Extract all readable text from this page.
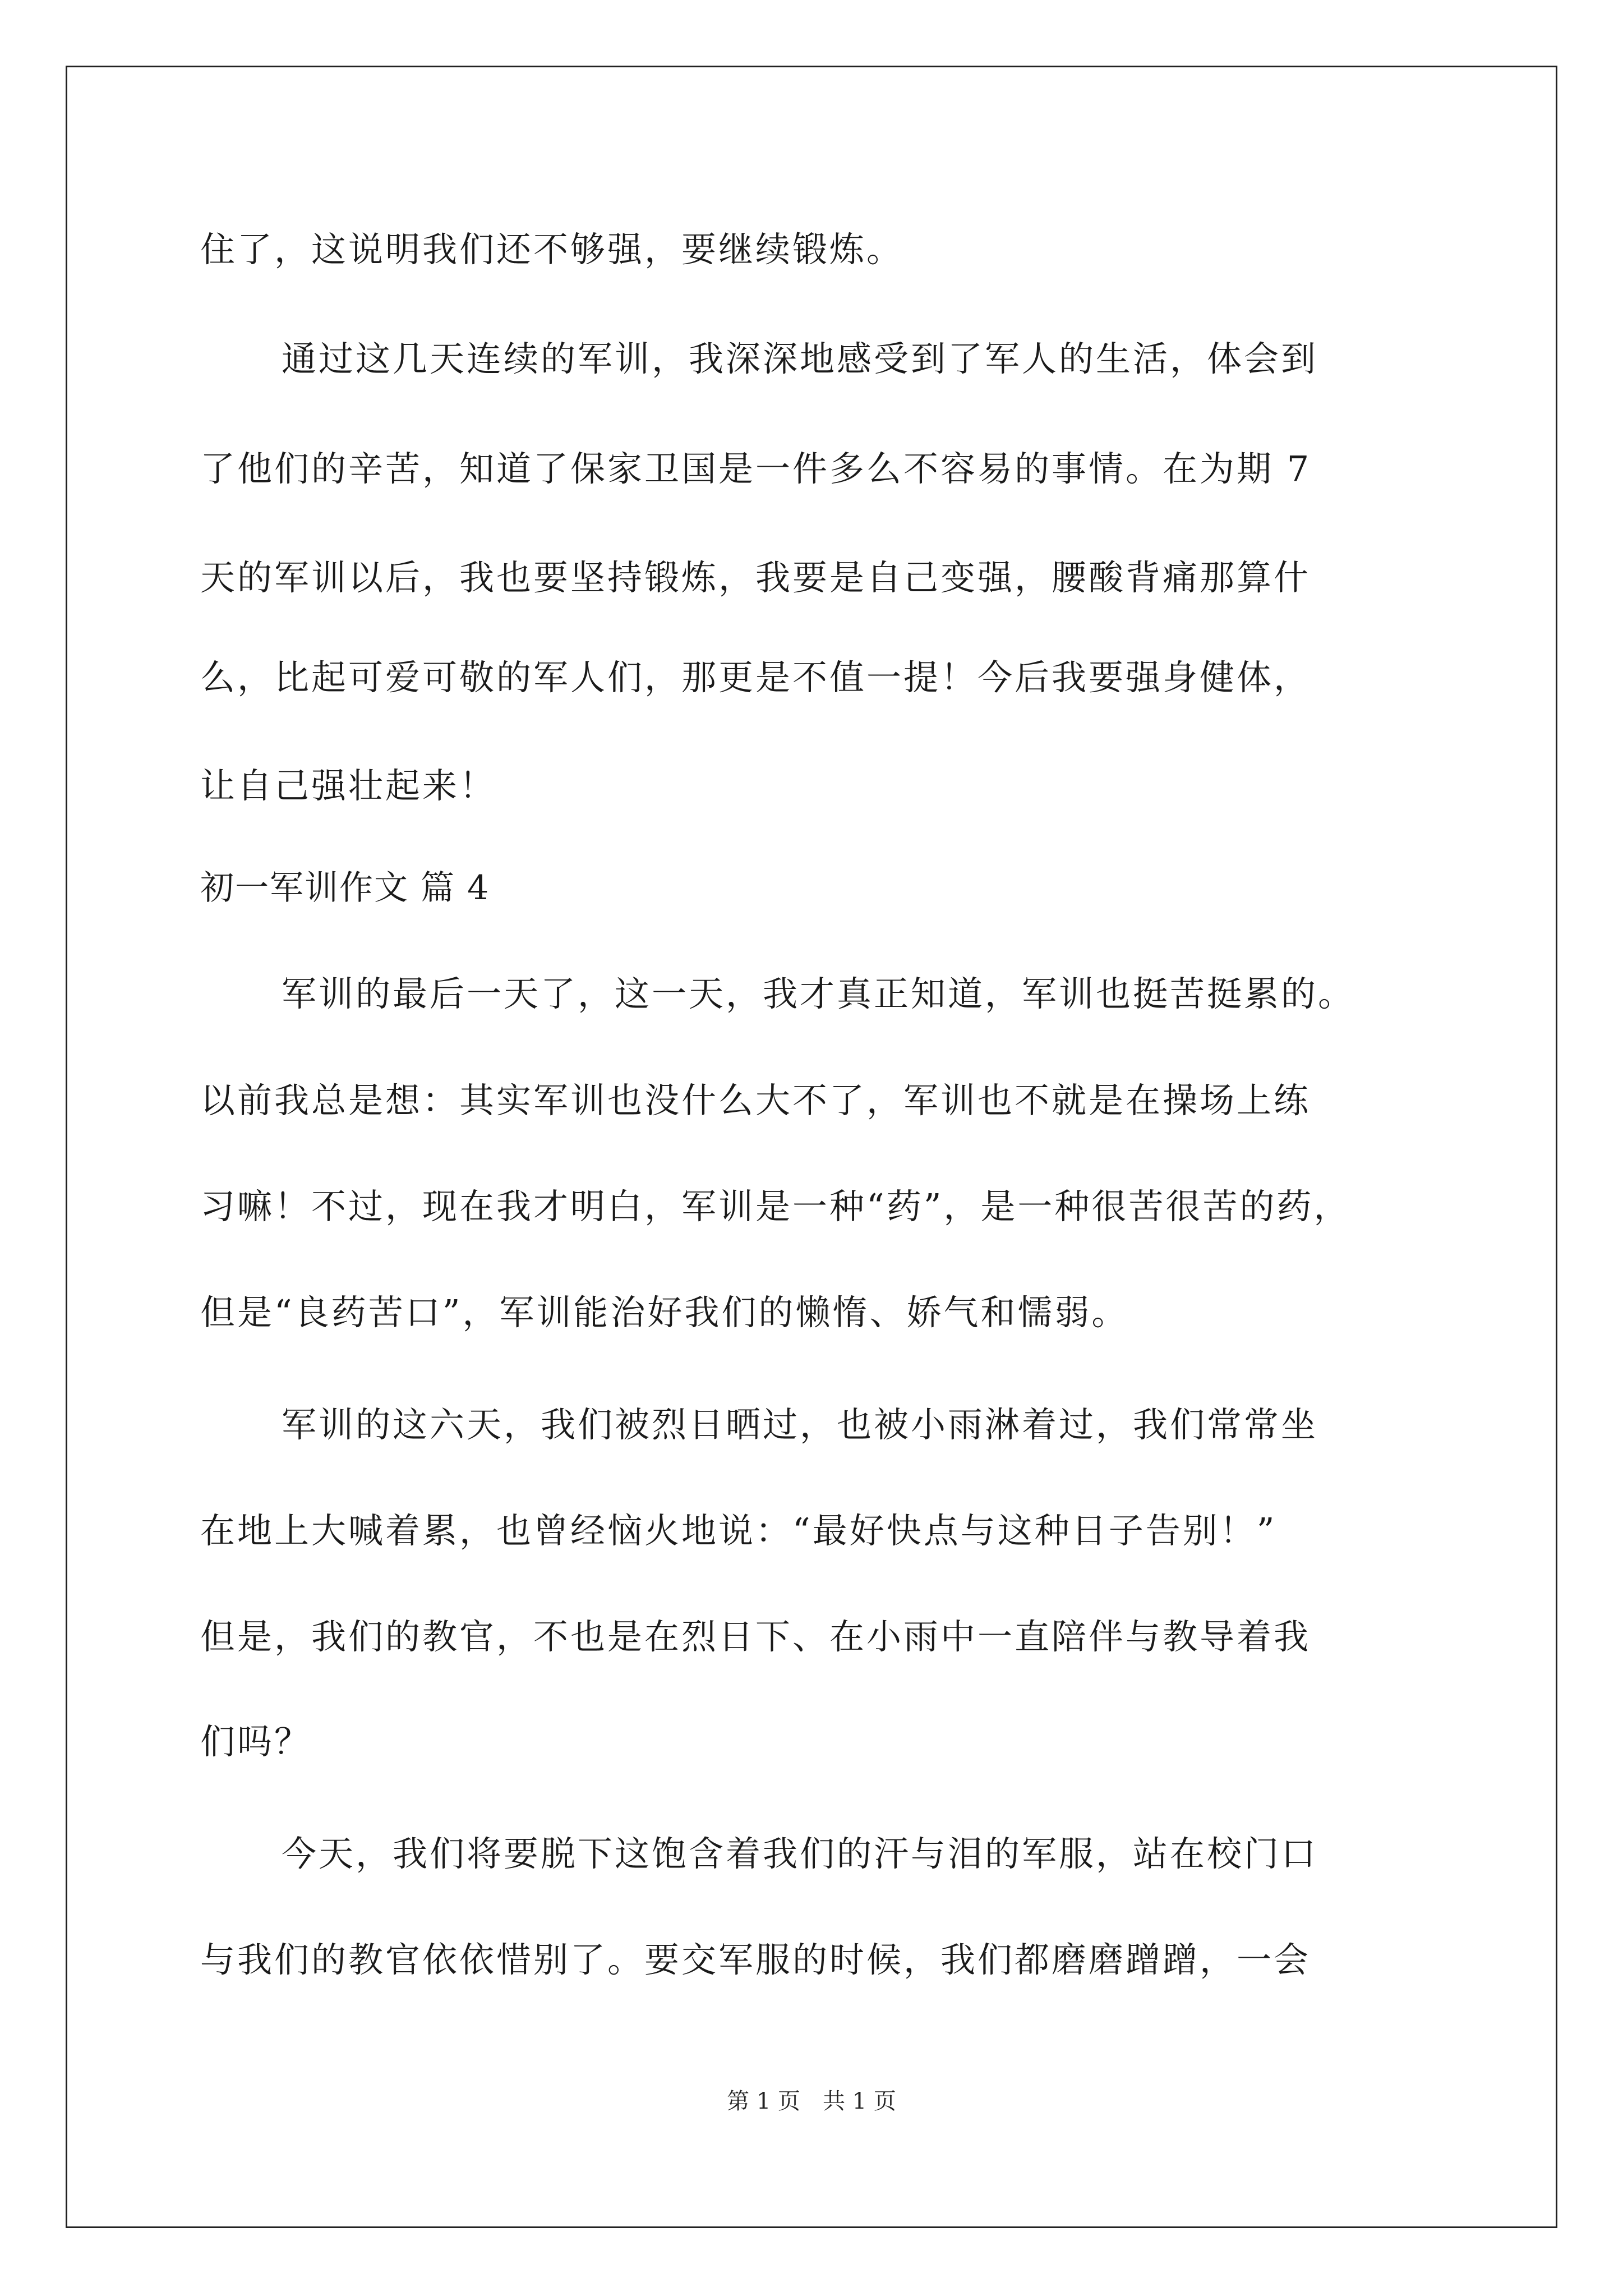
住了，这说明我们还不够强，要继续锻炼。
通过这几天连续的军训，我深深地感受到了军人的生活，体会到
了他们的辛苦，知道了保家卫国是一件多么不容易的事情。在为期 7
天的军训以后，我也要坚持锻炼，我要是自己变强，腰酸背痛那算什
么，比起可爱可敬的军人们，那更是不值一提！今后我要强身健体，
让自己强壮起来！
初一军训作文 篇 4
军训的最后一天了，这一天，我才真正知道，军训也挺苦挺累的。
以前我总是想：其实军训也没什么大不了，军训也不就是在操场上练
习嘛！不过，现在我才明白，军训是一种“药”，是一种很苦很苦的药，
但是“良药苦口”，军训能治好我们的懒惰、娇气和懦弱。
军训的这六天，我们被烈日晒过，也被小雨淋着过，我们常常坐
在地上大喊着累，也曾经恼火地说：“最好快点与这种日子告别！”
但是，我们的教官，不也是在烈日下、在小雨中一直陪伴与教导着我
们吗？
今天，我们将要脱下这饱含着我们的汗与泪的军服，站在校门口
与我们的教官依依惜别了。要交军服的时候，我们都磨磨蹭蹭，一会
第 1 页　共 1 页
